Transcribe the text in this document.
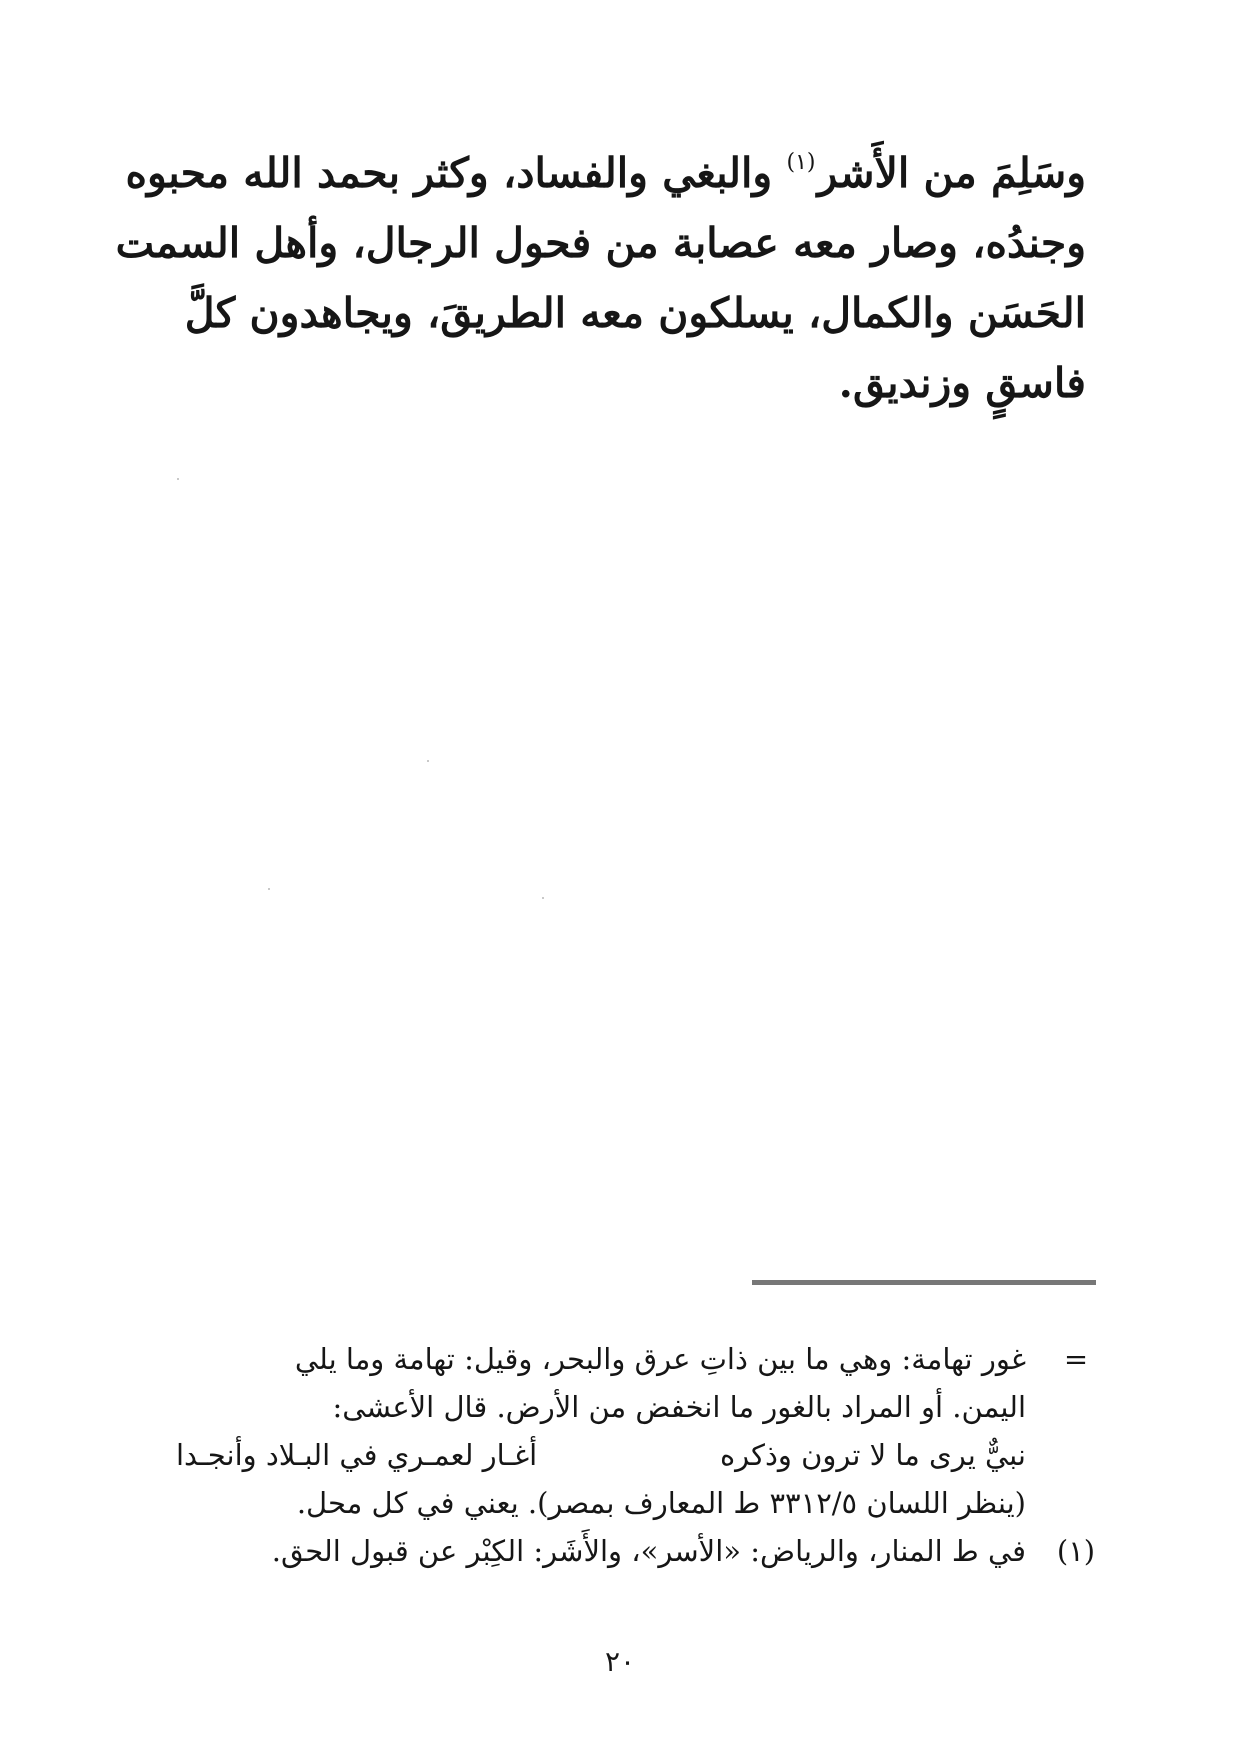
وسَلِمَ من الأَشر$^{(١)}$ والبغي والفساد، وكثر بحمد الله محبوه
وجندُه، وصار معه عصابة من فحول الرجال، وأهل السمت
الحَسَن والكمال، يسلكون معه الطريقَ، ويجاهدون كلَّ
فاسقٍ وزنديق.
=
غور تهامة: وهي ما بين ذاتِ عرق والبحر، وقيل: تهامة وما يلي
اليمن. أو المراد بالغور ما انخفض من الأرض. قال الأعشى:
نبيٌّ يرى ما لا ترون وذكره
أغـار لعمـري في البـلاد وأنجـدا
(ينظر اللسان ٣٣١٢/٥ ط المعارف بمصر). يعني في كل محل.
(١)
في ط المنار، والرياض: «الأسر»، والأَشَر: الكِبْر عن قبول الحق.
٢٠
